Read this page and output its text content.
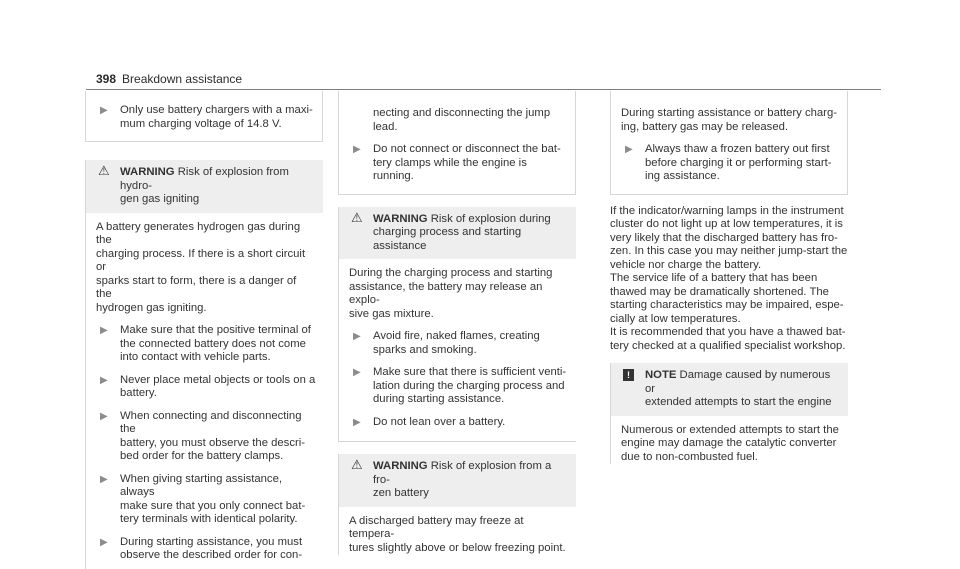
398 Breakdown assistance
▶ Only use battery chargers with a maxi-
mum charging voltage of 14.8 V.
⚠ WARNING Risk of explosion from hydro-
gen gas igniting
A battery generates hydrogen gas during the
charging process. If there is a short circuit or
sparks start to form, there is a danger of the
hydrogen gas igniting.
▶ Make sure that the positive terminal of
the connected battery does not come
into contact with vehicle parts.
▶ Never place metal objects or tools on a
battery.
▶ When connecting and disconnecting the
battery, you must observe the descri-
bed order for the battery clamps.
▶ When giving starting assistance, always
make sure that you only connect bat-
tery terminals with identical polarity.
▶ During starting assistance, you must
observe the described order for con-
necting and disconnecting the jump
lead.
▶ Do not connect or disconnect the bat-
tery clamps while the engine is running.
⚠ WARNING Risk of explosion during
charging process and starting assistance
During the charging process and starting
assistance, the battery may release an explo-
sive gas mixture.
▶ Avoid fire, naked flames, creating
sparks and smoking.
▶ Make sure that there is sufficient venti-
lation during the charging process and
during starting assistance.
▶ Do not lean over a battery.
⚠ WARNING Risk of explosion from a fro-
zen battery
A discharged battery may freeze at tempera-
tures slightly above or below freezing point.
During starting assistance or battery charg-
ing, battery gas may be released.
▶ Always thaw a frozen battery out first
before charging it or performing start-
ing assistance.
If the indicator/warning lamps in the instrument
cluster do not light up at low temperatures, it is
very likely that the discharged battery has fro-
zen. In this case you may neither jump-start the
vehicle nor charge the battery.
The service life of a battery that has been
thawed may be dramatically shortened. The
starting characteristics may be impaired, espe-
cially at low temperatures.
It is recommended that you have a thawed bat-
tery checked at a qualified specialist workshop.
!	NOTE Damage caused by numerous or
extended attempts to start the engine
Numerous or extended attempts to start the
engine may damage the catalytic converter
due to non-combusted fuel.
